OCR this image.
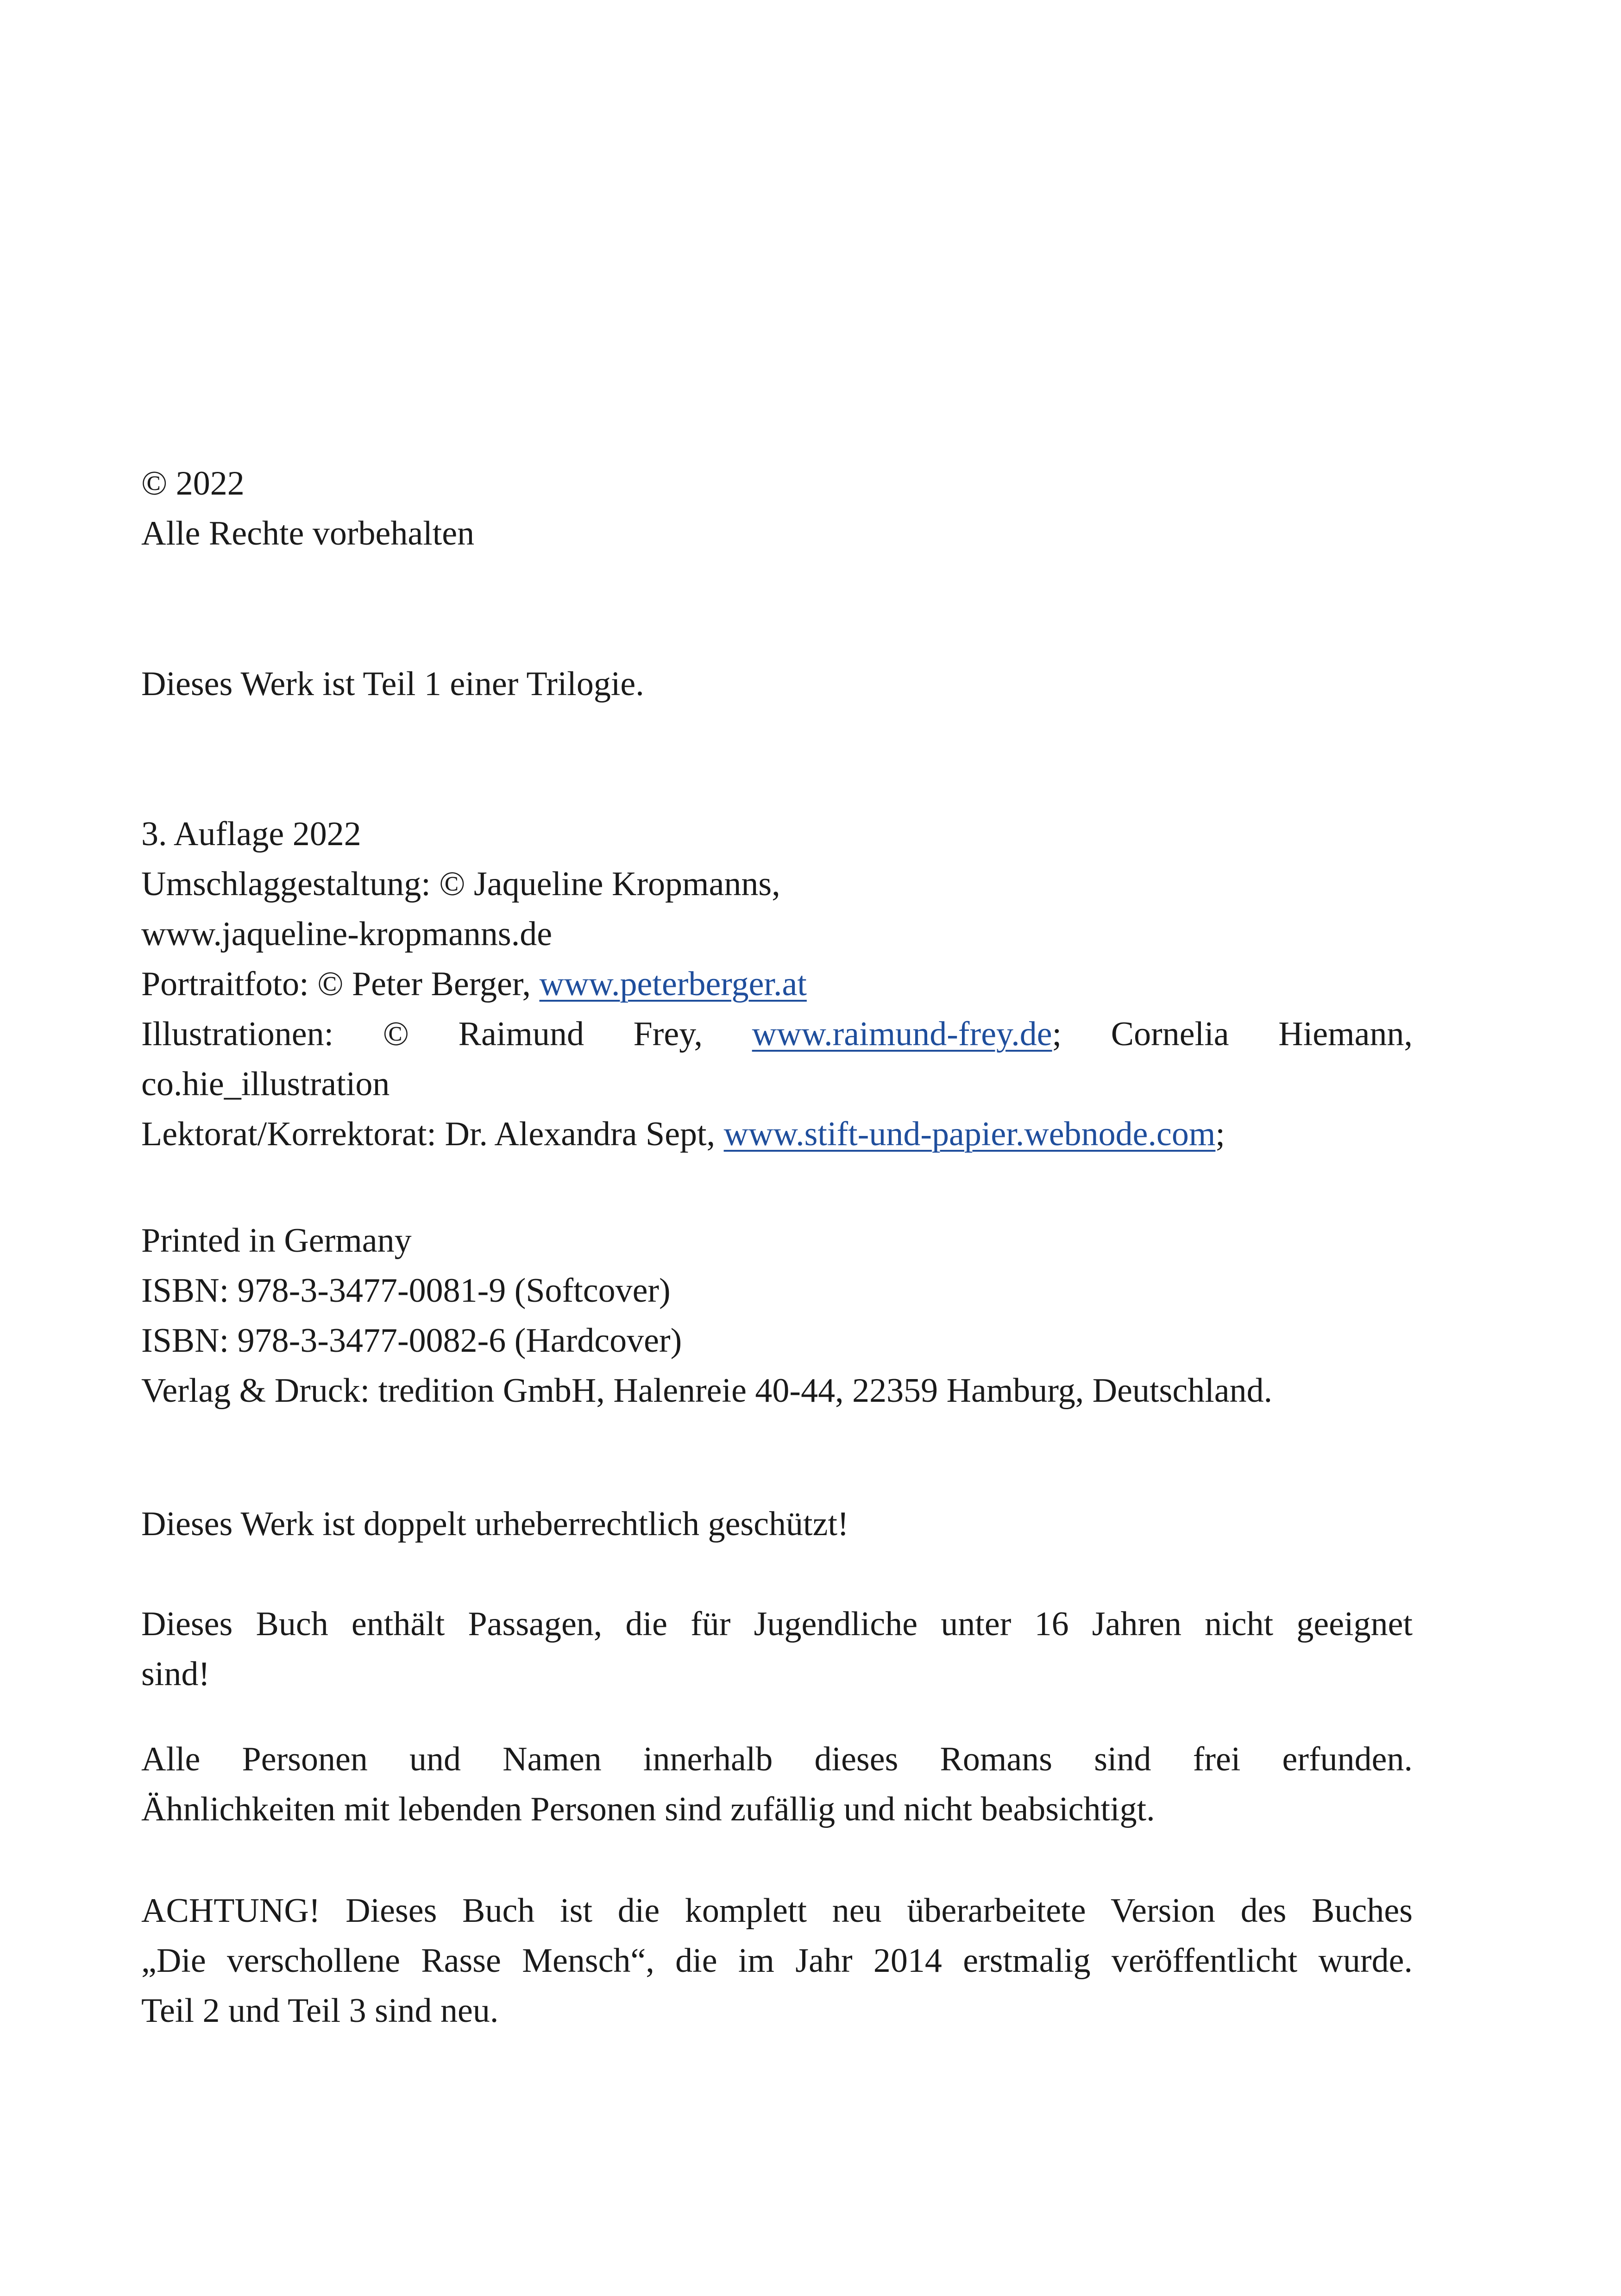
© 2022
Alle Rechte vorbehalten
Dieses Werk ist Teil 1 einer Trilogie.
3. Auflage 2022
Umschlaggestaltung: © Jaqueline Kropmanns,
www.jaqueline-kropmanns.de
Portraitfoto: © Peter Berger, www.peterberger.at
Illustrationen: © Raimund Frey, www.raimund-frey.de; Cornelia Hiemann,
co.hie_illustration
Lektorat/Korrektorat: Dr. Alexandra Sept, www.stift-und-papier.webnode.com;
Printed in Germany
ISBN: 978-3-3477-0081-9 (Softcover)
ISBN: 978-3-3477-0082-6 (Hardcover)
Verlag & Druck: tredition GmbH, Halenreie 40-44, 22359 Hamburg, Deutschland.
Dieses Werk ist doppelt urheberrechtlich geschützt!
Dieses Buch enthält Passagen, die für Jugendliche unter 16 Jahren nicht geeignet
sind!
Alle Personen und Namen innerhalb dieses Romans sind frei erfunden.
Ähnlichkeiten mit lebenden Personen sind zufällig und nicht beabsichtigt.
ACHTUNG! Dieses Buch ist die komplett neu überarbeitete Version des Buches
„Die verschollene Rasse Mensch“, die im Jahr 2014 erstmalig veröffentlicht wurde.
Teil 2 und Teil 3 sind neu.
